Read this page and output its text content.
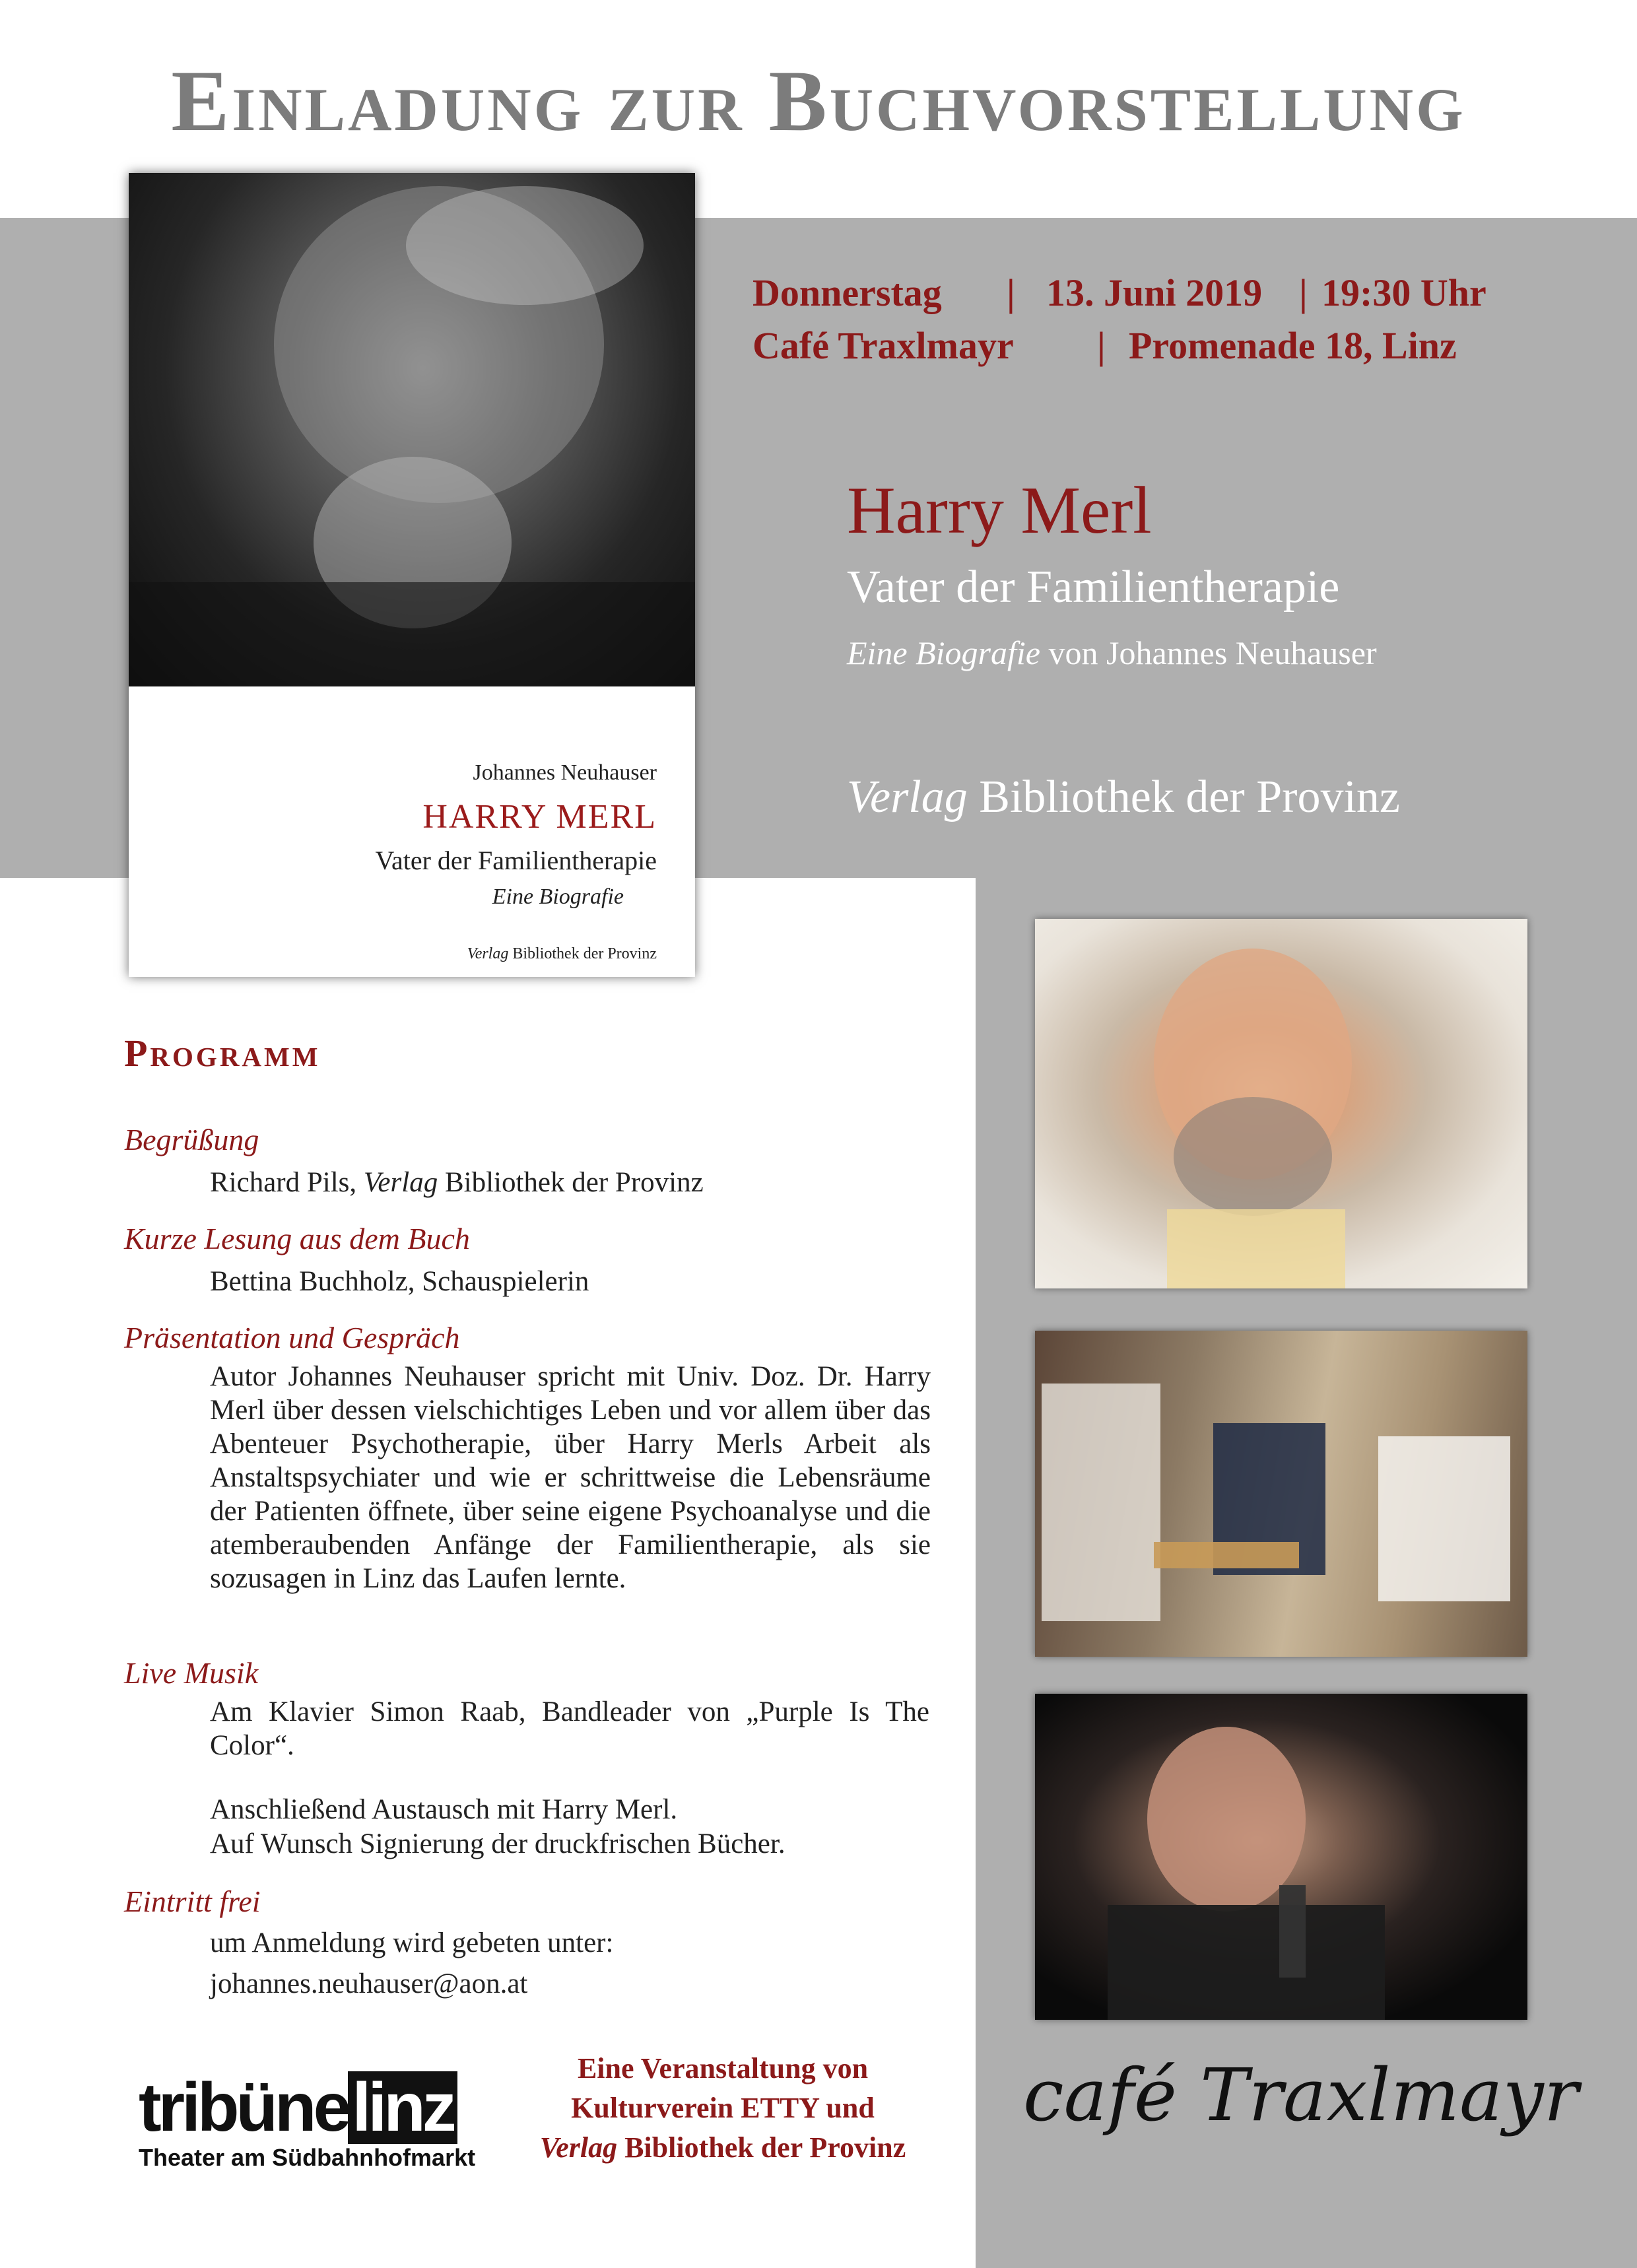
Einladung zur Buchvorstellung
Johannes Neuhauser
HARRY MERL
Vater der Familientherapie
Eine Biografie
Verlag Bibliothek der Provinz
Donnerstag | 13. Juni 2019 | 19:30 Uhr
Café Traxlmayr | Promenade 18, Linz
Harry Merl
Vater der Familientherapie
Eine Biografie von Johannes Neuhauser
Verlag Bibliothek der Provinz
Programm
Begrüßung
Richard Pils, Verlag Bibliothek der Provinz
Kurze Lesung aus dem Buch
Bettina Buchholz, Schauspielerin
Präsentation und Gespräch
Autor Johannes Neuhauser spricht mit Univ. Doz. Dr. Harry Merl über dessen vielschichtiges Leben und vor allem über das Abenteuer Psychotherapie, über Harry Merls Arbeit als Anstaltspsychiater und wie er schrittweise die Lebensräume der Patienten öffnete, über seine eigene Psychoanalyse und die atemberaubenden Anfänge der Familientherapie, als sie sozusagen in Linz das Laufen lernte.
Live Musik
Am Klavier Simon Raab, Bandleader von „Purple Is The Color“.
Anschließend Austausch mit Harry Merl.
Auf Wunsch Signierung der druckfrischen Bücher.
Eintritt frei
um Anmeldung wird gebeten unter:
johannes.neuhauser@aon.at
tribünelinz
Theater am Südbahnhofmarkt
Eine Veranstaltung von
Kulturverein ETTY und
Verlag Bibliothek der Provinz
café Traxlmayr
